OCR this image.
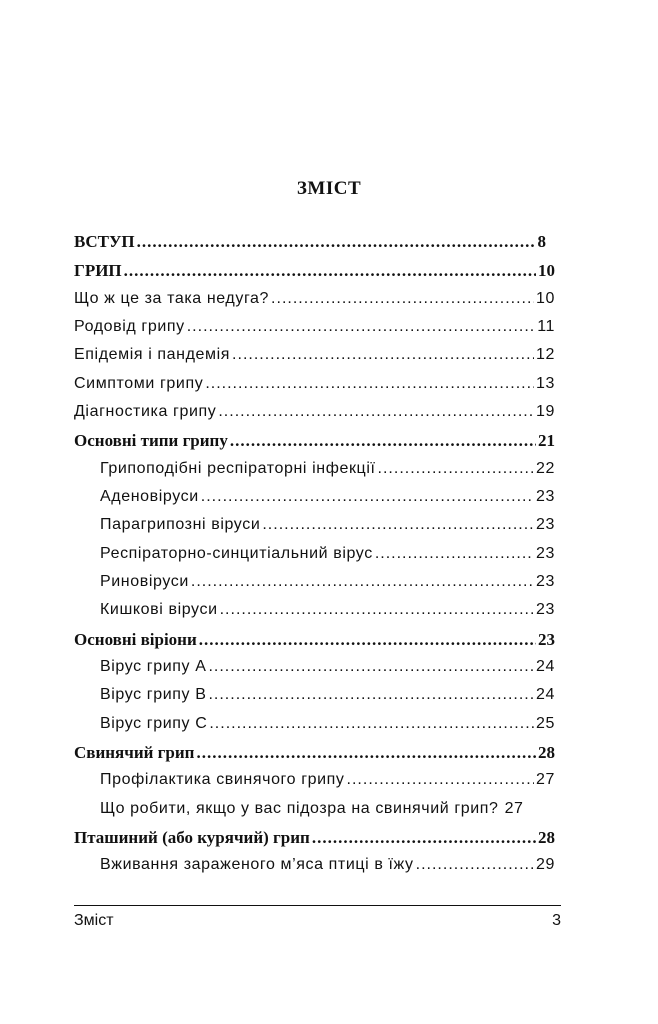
ЗМІСТ
ВСТУП .....	8
ГРИП .....	10
Що ж це за така недуга? .....	10
Родовід грипу .....	11
Епідемія і пандемія .....	12
Симптоми грипу .....	13
Діагностика грипу .....	19
Основні типи грипу .....	21
Грипоподібні респіраторні інфекції .....	22
Аденовіруси .....	23
Парагрипозні віруси .....	23
Респіраторно-синцитіальний вірус .....	23
Риновіруси .....	23
Кишкові віруси .....	23
Основні віріони .....	23
Вірус грипу А .....	24
Вірус грипу В .....	24
Вірус грипу С .....	25
Свинячий грип .....	28
Профілактика свинячого грипу .....	27
Що робити, якщо у вас підозра на свинячий грип? 27
Пташиний (або курячий) грип .....	28
Вживання зараженого м’яса птиці в їжу .....	29
Зміст	3
